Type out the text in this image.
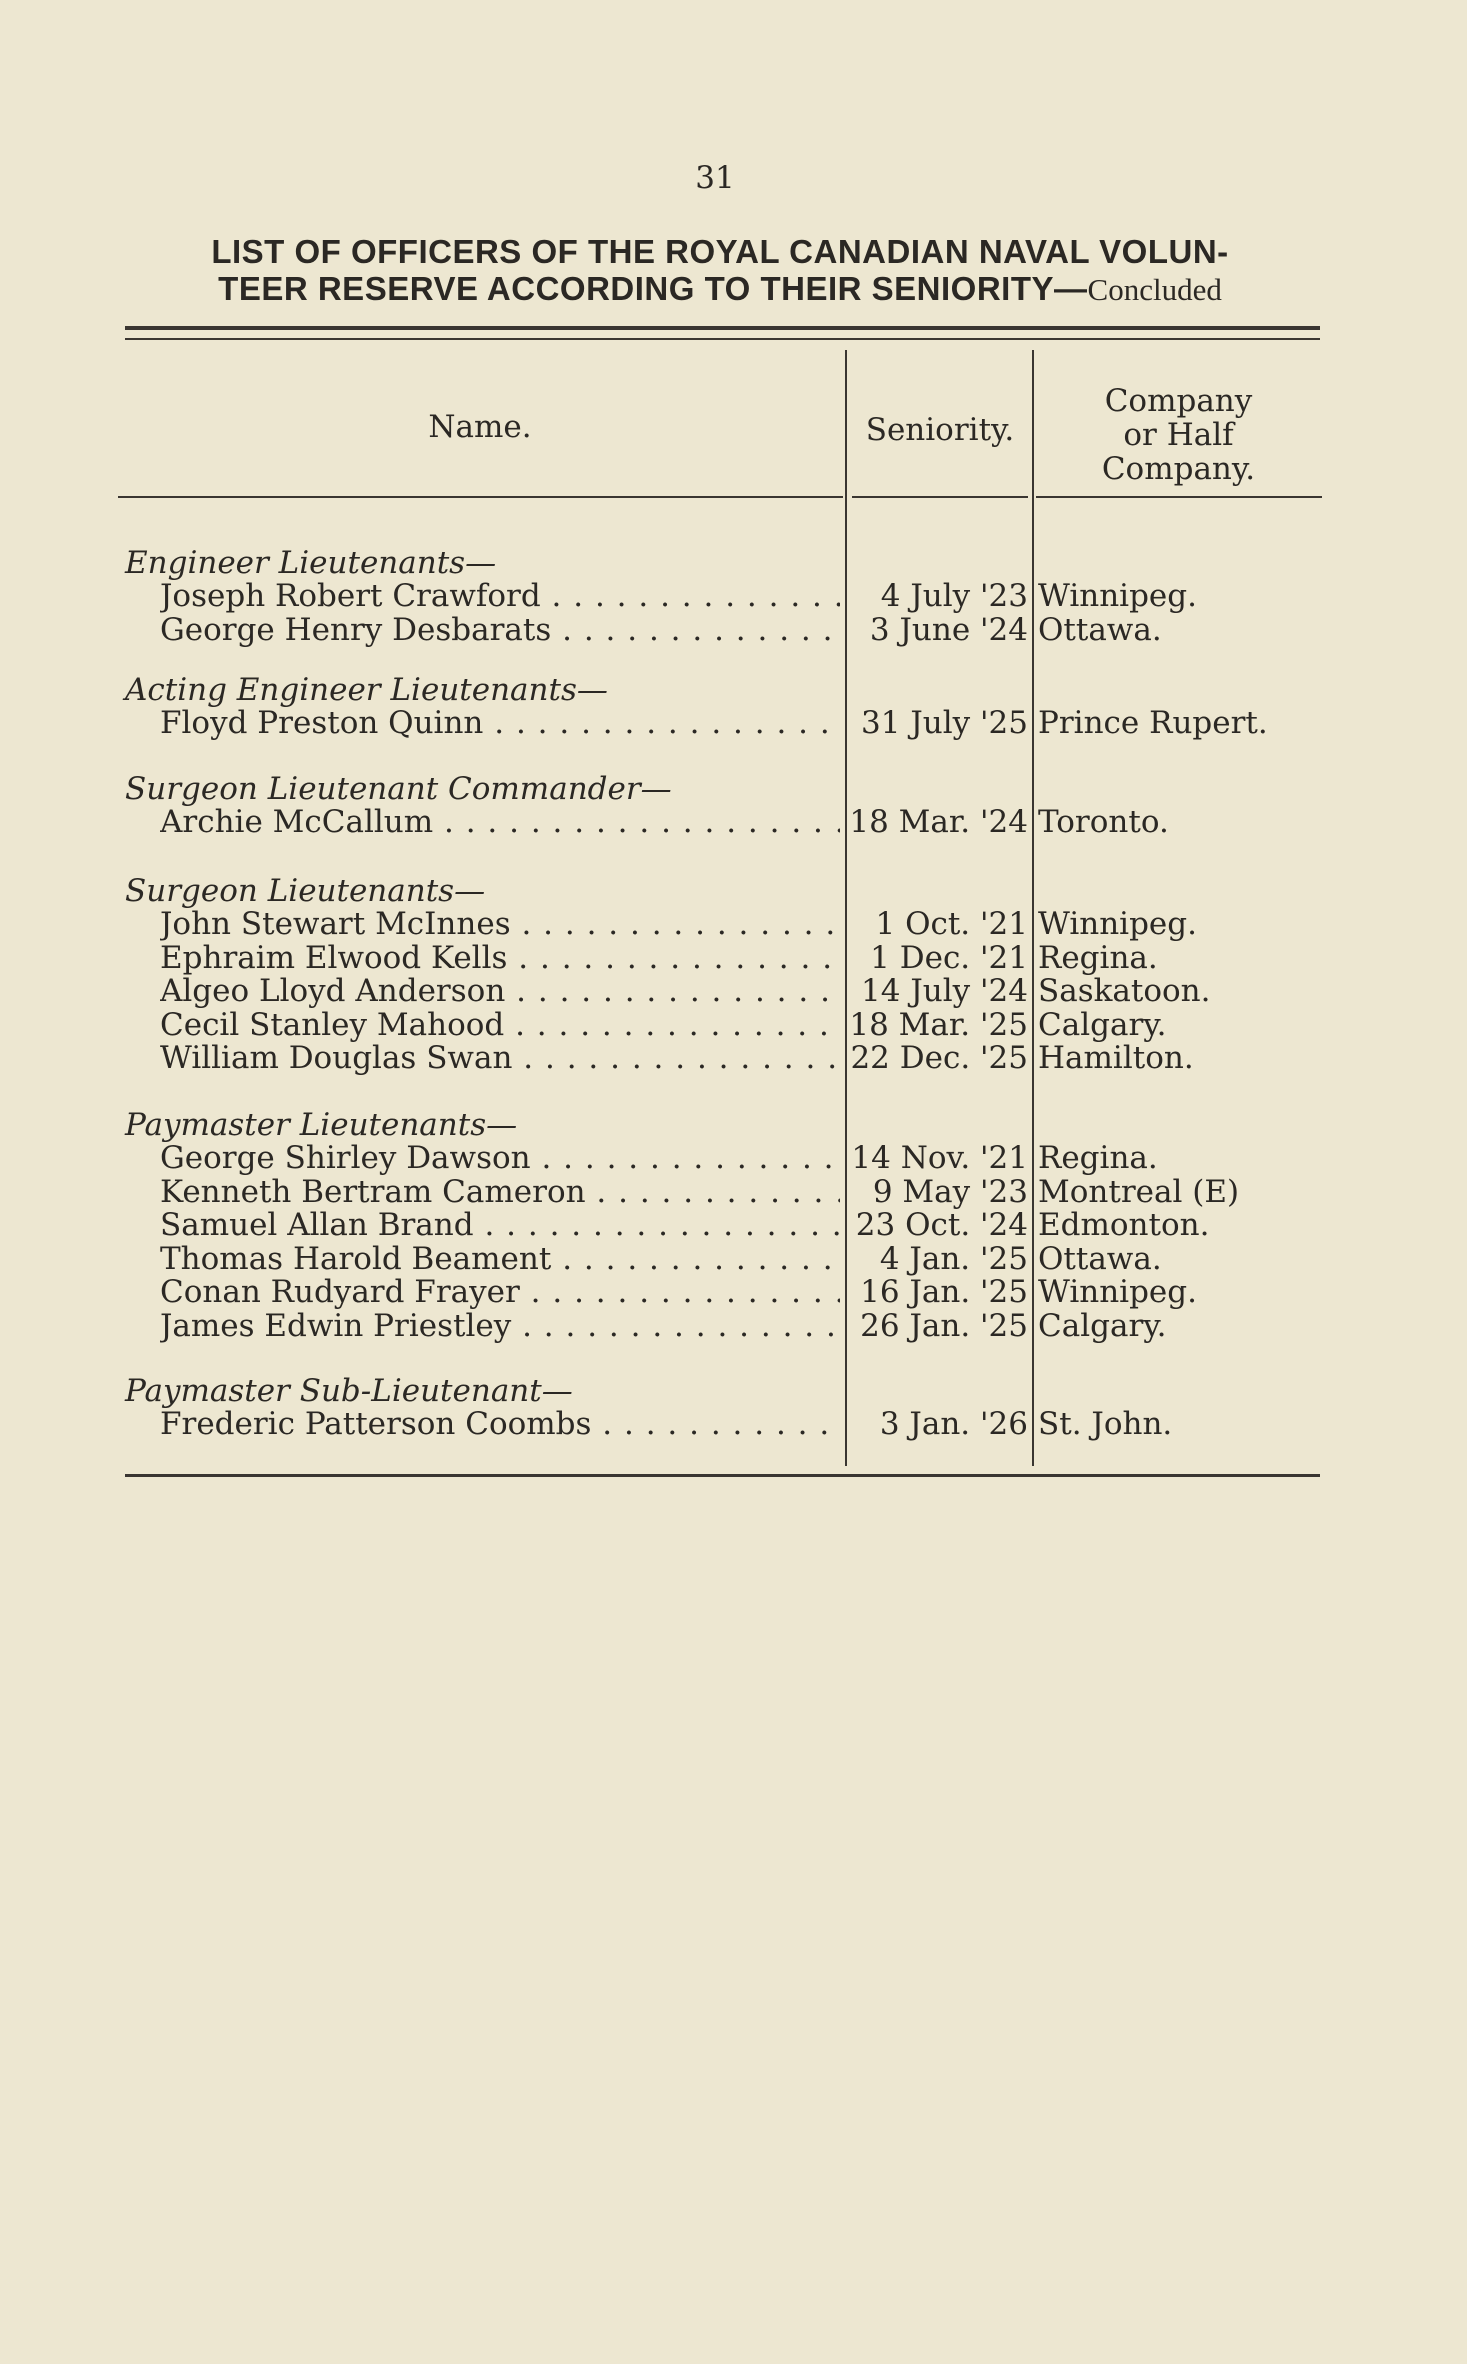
31
LIST OF OFFICERS OF THE ROYAL CANADIAN NAVAL VOLUN-
TEER RESERVE ACCORDING TO THEIR SENIORITY—Concluded
Name.	Seniority.
Company
or Half
Company.
Engineer Lieutenants—
Joseph Robert Crawford . . .	4 July '23 Winnipeg.
George Henry Desbarats . . .	3 June '24 Ottawa.
Acting Engineer Lieutenants—
Floyd Preston Quinn . . .	31 July '25 Prince Rupert.
Surgeon Lieutenant Commander—
Archie McCallum . . .	18 Mar. '24 Toronto.
Surgeon Lieutenants—
John Stewart McInnes . . .	1 Oct. '21 Winnipeg.
Ephraim Elwood Kells . . .	1 Dec. '21 Regina.
Algeo Lloyd Anderson . . .	14 July '24 Saskatoon.
Cecil Stanley Mahood . . .	18 Mar. '25 Calgary.
William Douglas Swan . . .	22 Dec. '25 Hamilton.
Paymaster Lieutenants—
George Shirley Dawson . . .	14 Nov. '21 Regina.
Kenneth Bertram Cameron . . .	9 May '23 Montreal (E)
Samuel Allan Brand . . .	23 Oct. '24 Edmonton.
Thomas Harold Beament . . .	4 Jan. '25 Ottawa.
Conan Rudyard Frayer . . .	16 Jan. '25 Winnipeg.
James Edwin Priestley . . .	26 Jan. '25 Calgary.
Paymaster Sub-Lieutenant—
Frederic Patterson Coombs . . .	3 Jan. '26 St. John.
